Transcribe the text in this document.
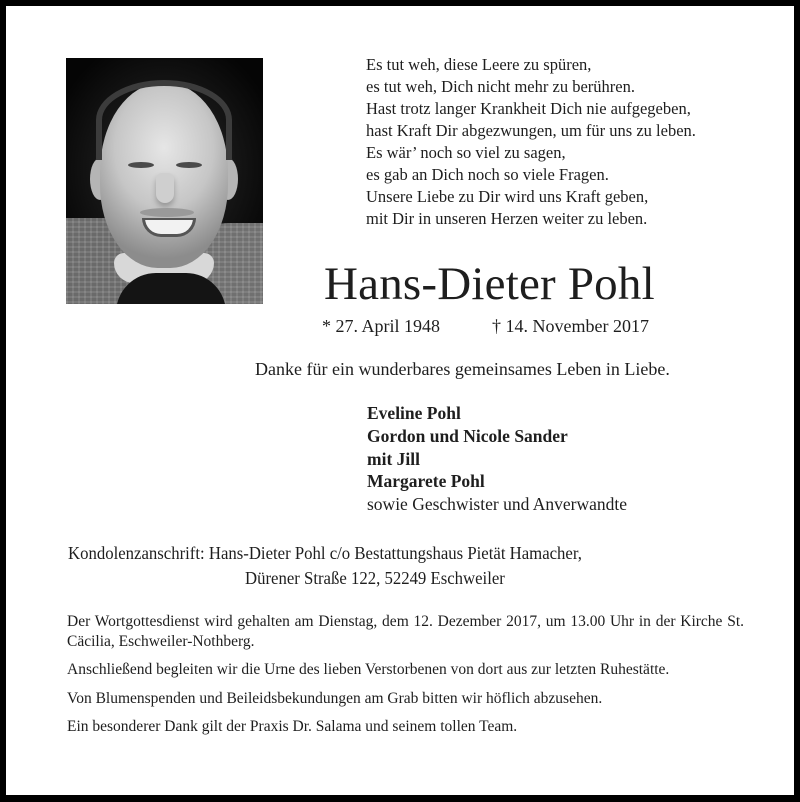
Es tut weh, diese Leere zu spüren,
es tut weh, Dich nicht mehr zu berühren.
Hast trotz langer Krankheit Dich nie aufgegeben,
hast Kraft Dir abgezwungen, um für uns zu leben.
Es wär’ noch so viel zu sagen,
es gab an Dich noch so viele Fragen.
Unsere Liebe zu Dir wird uns Kraft geben,
mit Dir in unseren Herzen weiter zu leben.
Hans-Dieter Pohl
* 27. April 1948	† 14. November 2017
Danke für ein wunderbares gemeinsames Leben in Liebe.
Eveline Pohl
Gordon und Nicole Sander
mit Jill
Margarete Pohl
sowie Geschwister und Anverwandte
Kondolenzanschrift: Hans-Dieter Pohl c/o Bestattungshaus Pietät Hamacher,
Dürener Straße 122, 52249 Eschweiler

Der Wortgottesdienst wird gehalten am Dienstag, dem 12. Dezember 2017, um 13.00 Uhr in der Kirche St. Cäcilia, Eschweiler-Nothberg.

Anschließend begleiten wir die Urne des lieben Verstorbenen von dort aus zur letzten Ruhestätte.

Von Blumenspenden und Beileidsbekundungen am Grab bitten wir höflich abzusehen.

Ein besonderer Dank gilt der Praxis Dr. Salama und seinem tollen Team.
